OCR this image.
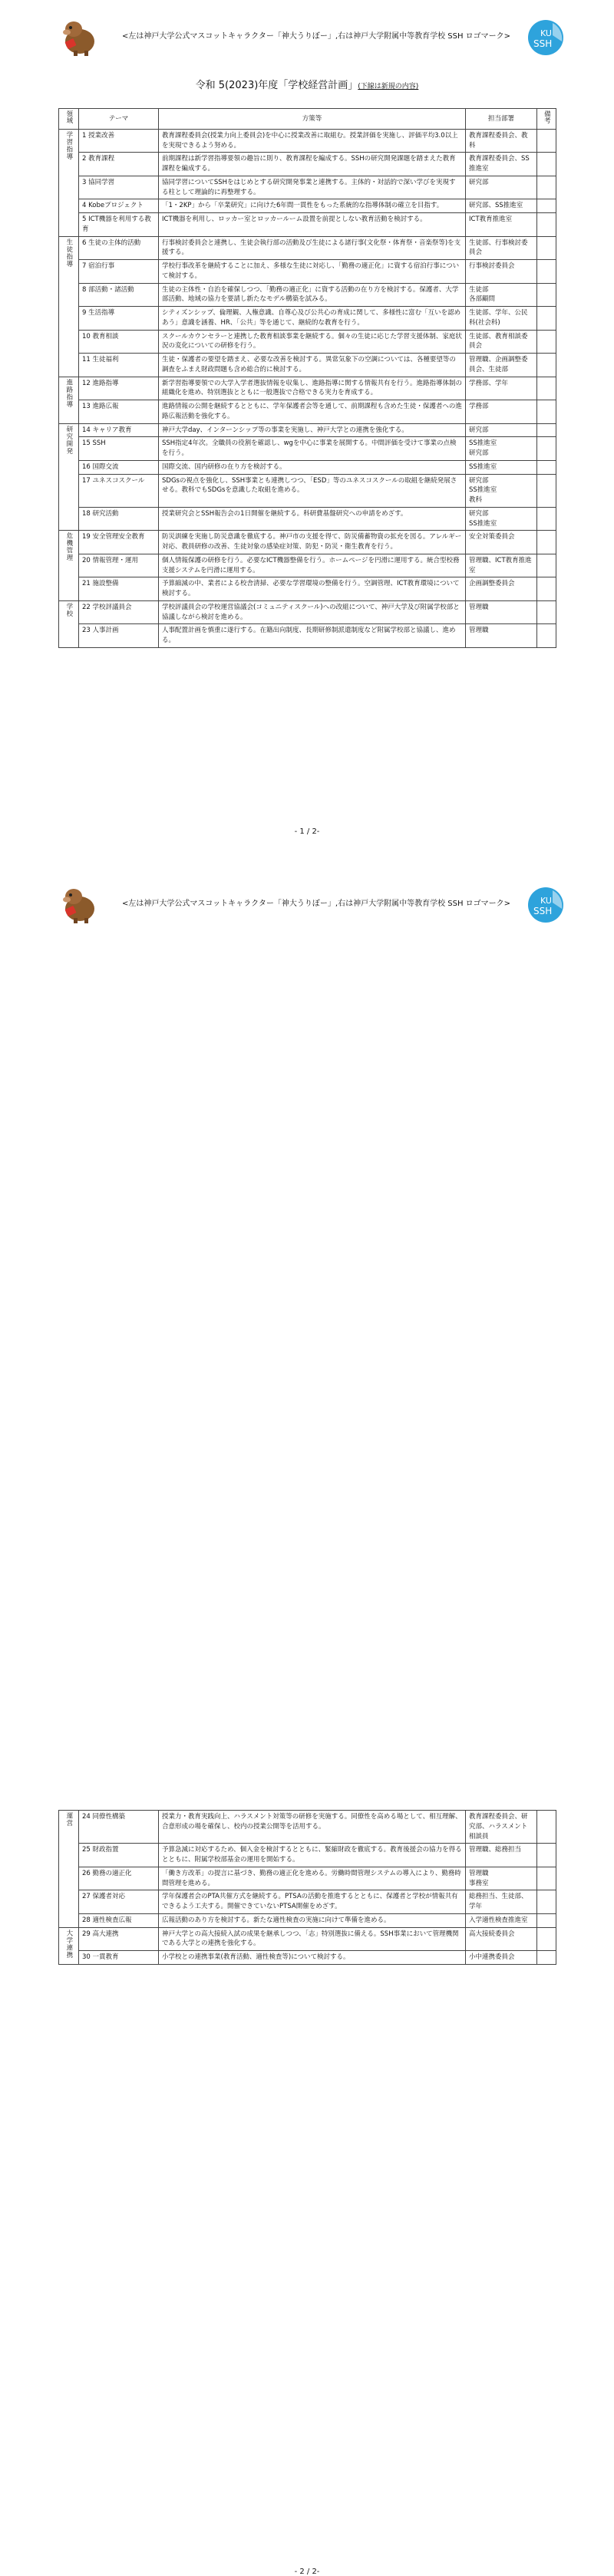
<左は神戸大学公式マスコットキャラクター「神大うりぼー」,右は神戸大学附属中等教育学校 SSH ロゴマーク>	KU
SSH
令和 5(2023)年度「学校経営計画」(下線は新規の内容)
領域	テーマ	方策等	担当部署	備考
学習指導	1 授業改善	教育課程委員会(授業力向上委員会)を中心に授業改善に取組む。授業評価を実施し、評価平均3.0以上を実現できるよう努める。	教育課程委員会、教科	
	2 教育課程	前期課程は新学習指導要領の趣旨に則り、教育課程を編成する。SSHの研究開発課題を踏まえた教育課程を編成する。	教育課程委員会、SS推進室	
	3 協同学習	協同学習についてSSHをはじめとする研究開発事業と連携する。主体的・対話的で深い学びを実現する柱として理論的に再整理する。	研究部	
	4 Kobeプロジェクト	「1・2KP」から「卒業研究」に向けた6年間一貫性をもった系統的な指導体制の確立を目指す。	研究部、SS推進室	
	5 ICT機器を利用する教育	ICT機器を利用し、ロッカー室とロッカールーム設置を前提としない教育活動を検討する。	ICT教育推進室	
生徒指導	6 生徒の主体的活動	行事検討委員会と連携し、生徒会執行部の活動及び生徒による諸行事(文化祭・体育祭・音楽祭等)を支援する。	生徒部、行事検討委員会	
	7 宿泊行事	学校行事改革を継続することに加え、多様な生徒に対応し、「勤務の適正化」に資する宿泊行事について検討する。	行事検討委員会	
	8 部活動・諸活動	生徒の主体性・自治を確保しつつ、「勤務の適正化」に資する活動の在り方を検討する。保護者、大学部活動、地域の協力を要請し新たなモデル構築を試みる。	生徒部
各部顧問	
	9 生活指導	シティズンシップ、倫理観、人権意識、自尊心及び公共心の育成に関して、多様性に富む「互いを認めあう」意識を涵養、HR、「公共」等を通じて、継続的な教育を行う。	生徒部、学年、公民科(社会科)	
	10 教育相談	スクールカウンセラーと連携した教育相談事業を継続する。個々の生徒に応じた学習支援体制、家庭状況の変化についての研修を行う。	生徒部、教育相談委員会	
	11 生徒福利	生徒・保護者の要望を踏まえ、必要な改善を検討する。異常気象下の空調については、各種要望等の調査をふまえ財政問題も含め総合的に検討する。	管理職、企画調整委員会、生徒部	
進路指導	12 進路指導	新学習指導要領での大学入学者選抜情報を収集し、進路指導に関する情報共有を行う。進路指導体制の組織化を進め、特別選抜とともに一般選抜で合格できる実力を育成する。	学務部、学年	
	13 進路広報	進路情報の公開を継続するとともに、学年保護者会等を通して、前期課程も含めた生徒・保護者への進路広報活動を強化する。	学務部	
研究開発	14 キャリア教育	神戸大学day、インターンシップ等の事業を実施し、神戸大学との連携を強化する。	研究部	
	15 SSH	SSH指定4年次。全職員の役割を確認し、wgを中心に事業を展開する。中間評価を受けて事業の点検を行う。	SS推進室
研究部	
	16 国際交流	国際交流、国内研修の在り方を検討する。	SS推進室	
	17 ユネスコスクール	SDGsの視点を強化し、SSH事業とも連携しつつ、「ESD」等のユネスコスクールの取組を継続発展させる。教科でもSDGsを意識した取組を進める。	研究部
SS推進室
教科	
	18 研究活動	授業研究会とSSH報告会の1日開催を継続する。科研費基盤研究への申請をめざす。	研究部
SS推進室	
危機管理	19 安全管理安全教育	防災訓練を実施し防災意識を徹底する。神戸市の支援を得て、防災備蓄物資の拡充を図る。アレルギー対応、教員研修の改善、生徒対象の感染症対策、防犯・防災・衛生教育を行う。	安全対策委員会	
	20 情報管理・運用	個人情報保護の研修を行う。必要なICT機器整備を行う。ホームページを円滑に運用する。統合型校務支援システムを円滑に運用する。	管理職、ICT教育推進室	
	21 施設整備	予算縮減の中、業者による校舎清掃、必要な学習環境の整備を行う。空調管理、ICT教育環境について検討する。	企画調整委員会	
学校	22 学校評議員会	学校評議員会の学校運営協議会(コミュニティスクール)への改組について、神戸大学及び附属学校部と協議しながら検討を進める。	管理職	
	23 人事計画	人事配置計画を慎重に遂行する。在籍出向制度、長期研修制派遣制度など附属学校部と協議し、進める。	管理職	
- 1 / 2-
<左は神戸大学公式マスコットキャラクター「神大うりぼー」,右は神戸大学附属中等教育学校 SSH ロゴマーク>	KU
SSH
運営	24 同僚性構築	授業力・教育実践向上、ハラスメント対策等の研修を実施する。同僚性を高める場として、相互理解、合意形成の場を確保し、校内の授業公開等を活用する。	教育課程委員会、研究部、ハラスメント相談員	
	25 財政指置	予算急減に対応するため、個入金を検討するとともに、緊縮財政を徹底する。教育後援会の協力を得るとともに、附属学校部基金の運用を開始する。	管理職、総務担当	
	26 勤務の適正化	「働き方改革」の提言に基づき、勤務の適正化を進める。労働時間管理システムの導入により、勤務時間管理を進める。	管理職
事務室	
	27 保護者対応	学年保護者会のPTA共催方式を継続する。PTSAの活動を推進するとともに、保護者と学校が情報共有できるよう工夫する。開催できていないPTSA開催をめざす。	総務担当、生徒部、学年	
	28 適性検査広報	広報活動のあり方を検討する。新たな適性検査の実施に向けて準備を進める。	入学適性検査推進室	
大学連携	29 高大連携	神戸大学との高大接続入試の成果を継承しつつ、「志」特別選抜に備える。SSH事業において管理機関である大学との連携を強化する。	高大接続委員会	
	30 一貫教育	小学校との連携事業(教育活動、適性検査等)について検討する。	小中連携委員会	
- 2 / 2-
